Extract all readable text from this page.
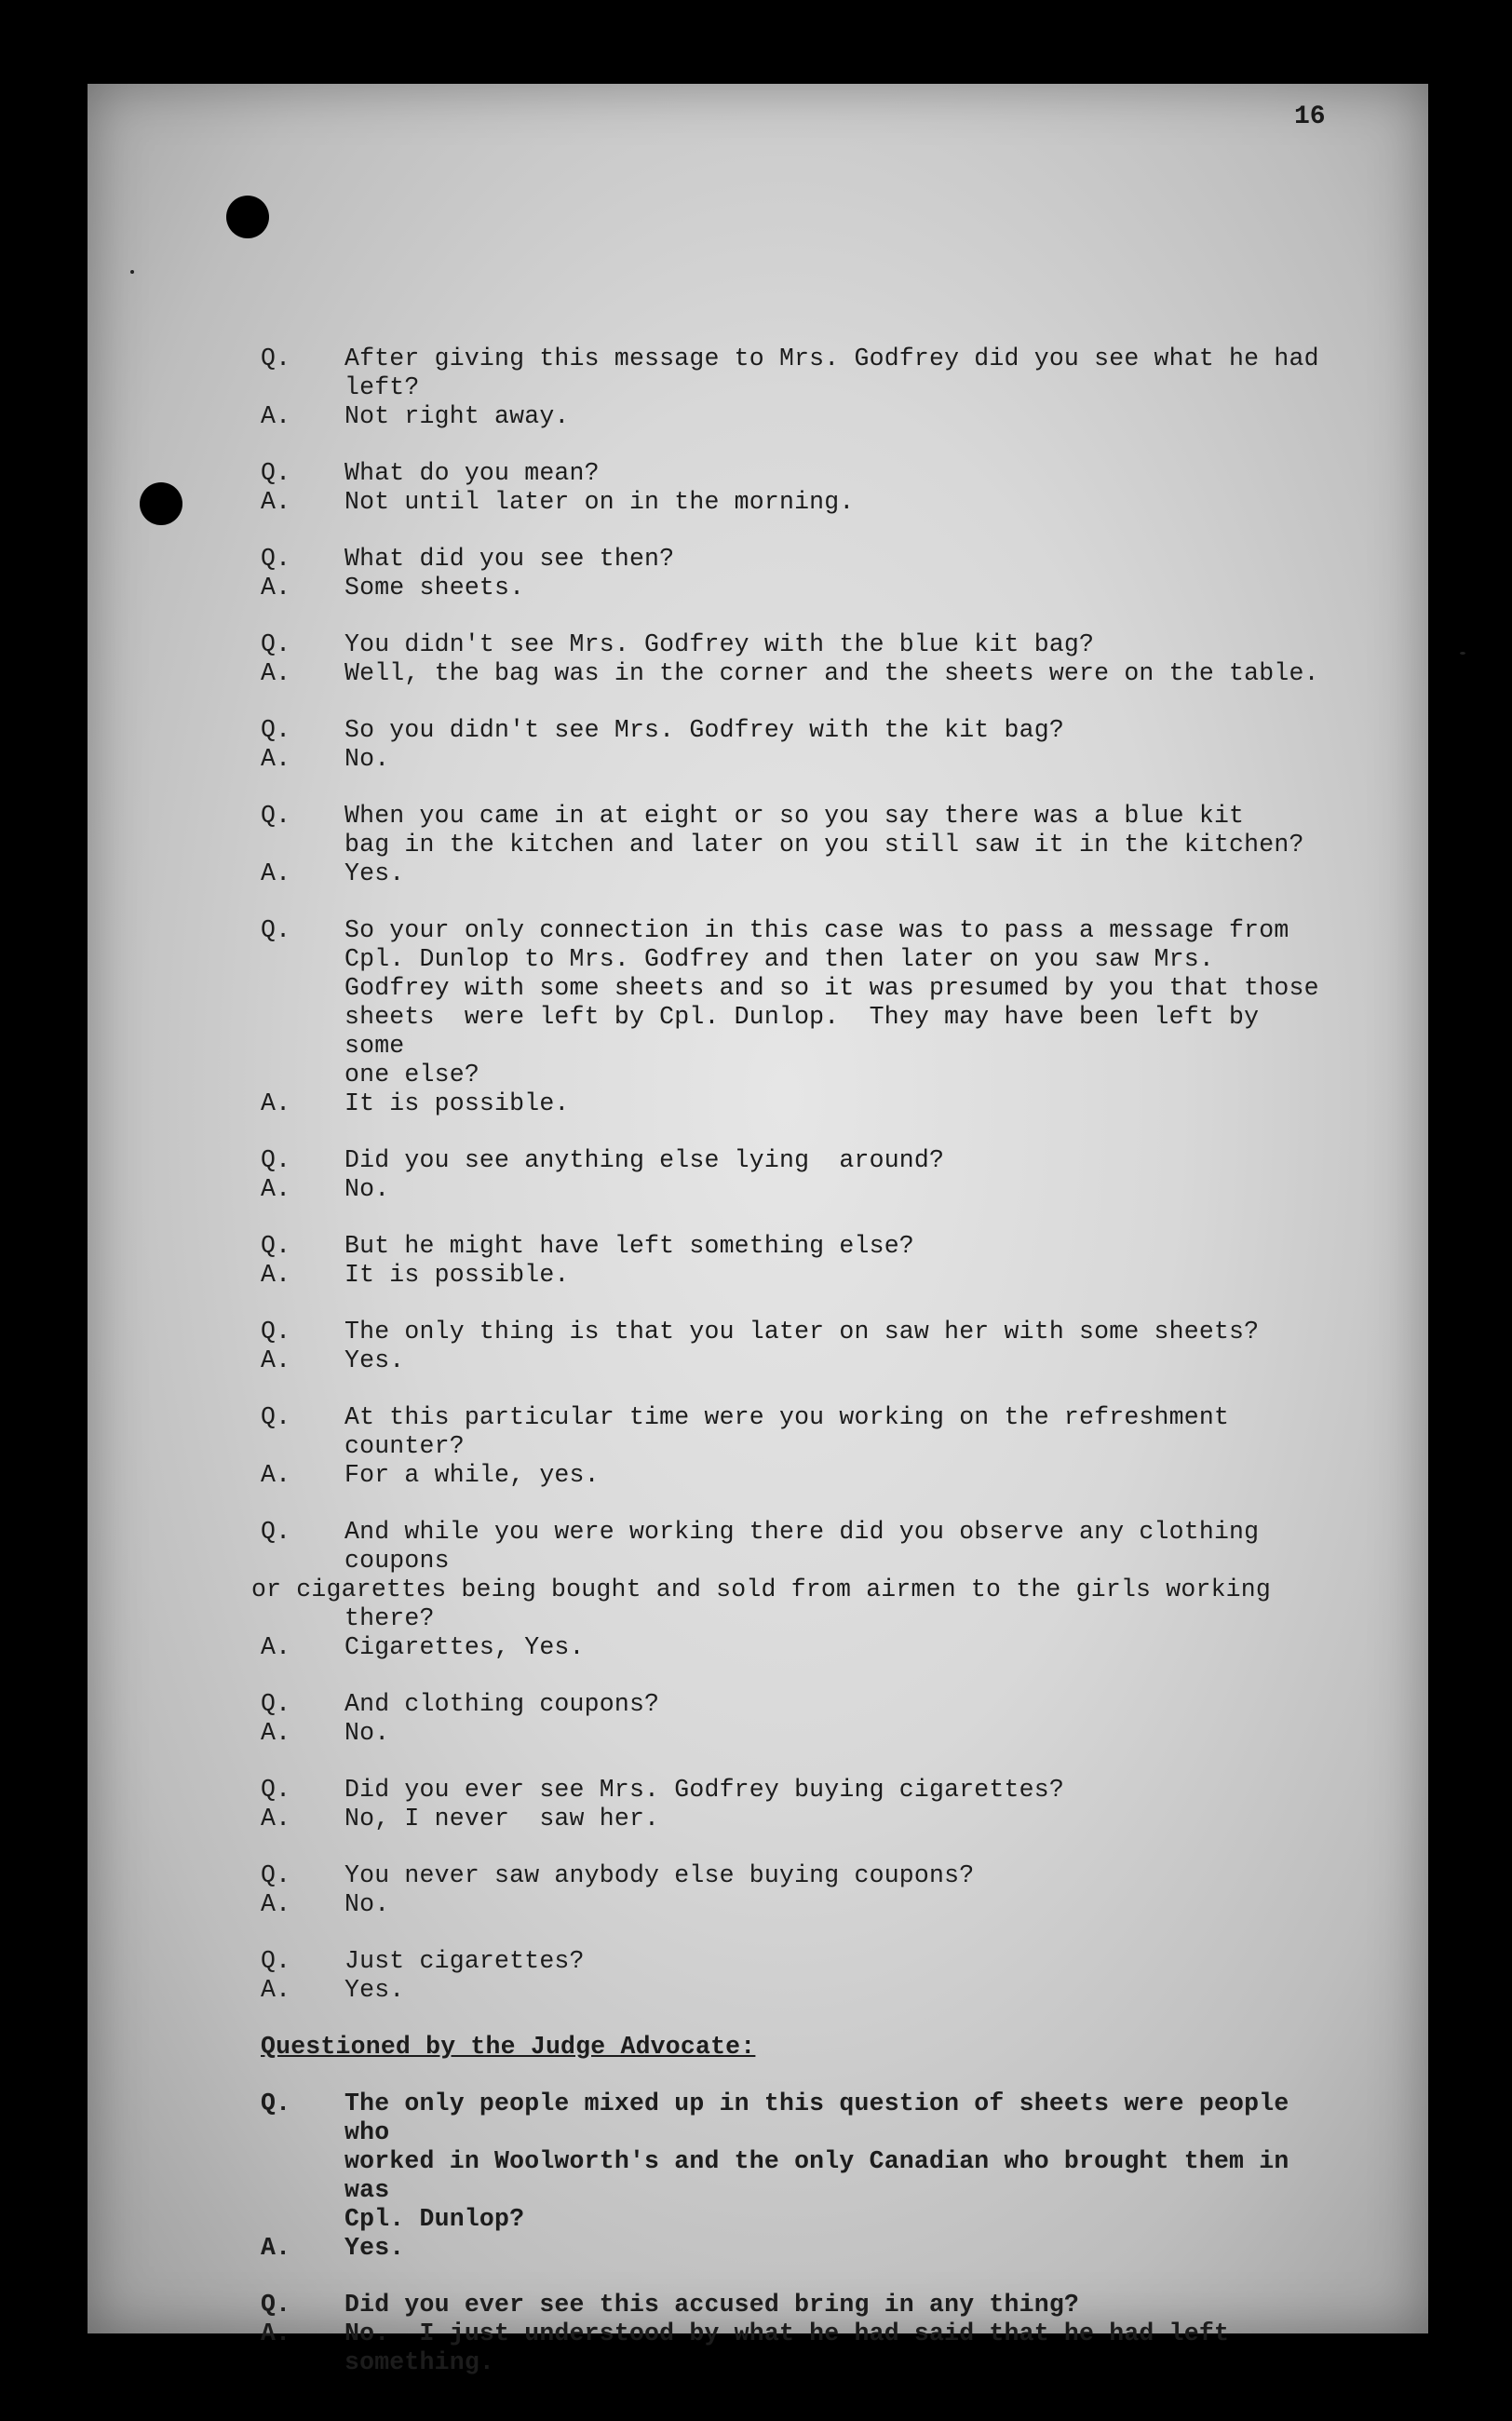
16
Q.	After giving this message to Mrs. Godfrey did you see what he had
left?
A.	Not right away.
Q.	What do you mean?
A.	Not until later on in the morning.
Q.	What did you see then?
A.	Some sheets.
Q.	You didn't see Mrs. Godfrey with the blue kit bag?
A.	Well, the bag was in the corner and the sheets were on the table.
Q.	So you didn't see Mrs. Godfrey with the kit bag?
A.	No.
Q.	When you came in at eight or so you say there was a blue kit
bag in the kitchen and later on you still saw it in the kitchen?
A.	Yes.
Q.	So your only connection in this case was to pass a message from
Cpl. Dunlop to Mrs. Godfrey and then later on you saw Mrs.
Godfrey with some sheets and so it was presumed by you that those
sheets  were left by Cpl. Dunlop.  They may have been left by some
one else?
A.	It is possible.
Q.	Did you see anything else lying  around?
A.	No.
Q.	But he might have left something else?
A.	It is possible.
Q.	The only thing is that you later on saw her with some sheets?
A.	Yes.
Q.	At this particular time were you working on the refreshment counter?
A.	For a while, yes.
Q.	And while you were working there did you observe any clothing coupons
or cigarettes being bought and sold from airmen to the girls working
there?
A.	Cigarettes, Yes.
Q.	And clothing coupons?
A.	No.
Q.	Did you ever see Mrs. Godfrey buying cigarettes?
A.	No, I never  saw her.
Q.	You never saw anybody else buying coupons?
A.	No.
Q.	Just cigarettes?
A.	Yes.
Questioned by the Judge Advocate:
Q.	The only people mixed up in this question of sheets were people who
worked in Woolworth's and the only Canadian who brought them in was
Cpl. Dunlop?
A.	Yes.
Q.	Did you ever see this accused bring in any thing?
A.	No.  I just understood by what he had said that he had left something.
